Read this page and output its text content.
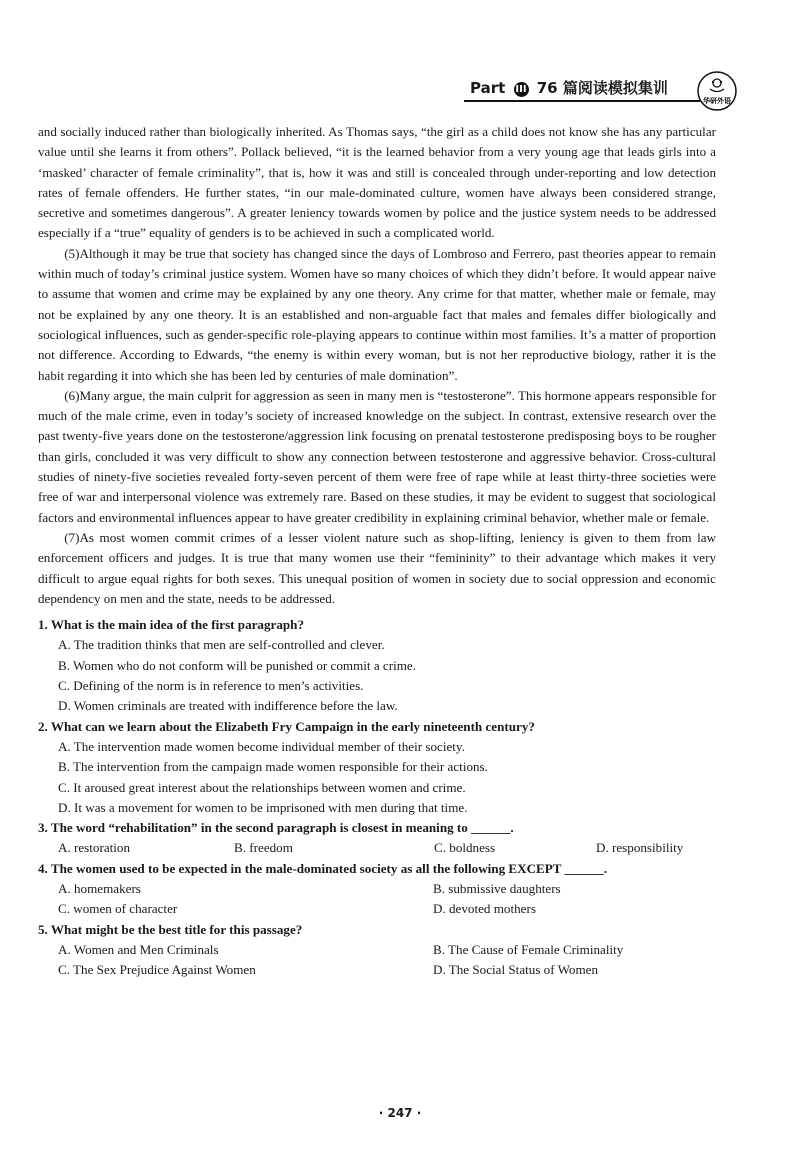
Part III 76 篇阅读模拟集训
华研外语

and socially induced rather than biologically inherited. As Thomas says, “the girl as a child does not know she has any particular value until she learns it from others”. Pollack believed, “it is the learned behavior from a very young age that leads girls into a ‘masked’ character of female criminality”, that is, how it was and still is concealed through under-reporting and low detection rates of female offenders. He further states, “in our male-dominated culture, women have always been considered strange, secretive and sometimes dangerous”. A greater leniency towards women by police and the justice system needs to be addressed especially if a “true” equality of genders is to be achieved in such a complicated world.

(5)Although it may be true that society has changed since the days of Lombroso and Ferrero, past theories appear to remain within much of today’s criminal justice system. Women have so many choices of which they didn’t before. It would appear naive to assume that women and crime may be explained by any one theory. Any crime for that matter, whether male or female, may not be explained by any one theory. It is an established and non-arguable fact that males and females differ biologically and sociological influences, such as gender-specific role-playing appears to continue within most families. It’s a matter of proportion not difference. According to Edwards, “the enemy is within every woman, but is not her reproductive biology, rather it is the habit regarding it into which she has been led by centuries of male domination”.

(6)Many argue, the main culprit for aggression as seen in many men is “testosterone”. This hormone appears responsible for much of the male crime, even in today’s society of increased knowledge on the subject. In contrast, extensive research over the past twenty-five years done on the testosterone/aggression link focusing on prenatal testosterone predisposing boys to be rougher than girls, concluded it was very difficult to show any connection between testosterone and aggressive behavior. Cross-cultural studies of ninety-five societies revealed forty-seven percent of them were free of rape while at least thirty-three societies were free of war and interpersonal violence was extremely rare. Based on these studies, it may be evident to suggest that sociological factors and environmental influences appear to have greater credibility in explaining criminal behavior, whether male or female.

(7)As most women commit crimes of a lesser violent nature such as shop-lifting, leniency is given to them from law enforcement officers and judges. It is true that many women use their “femininity” to their advantage which makes it very difficult to argue equal rights for both sexes. This unequal position of women in society due to social oppression and economic dependency on men and the state, needs to be addressed.

1. What is the main idea of the first paragraph?
A. The tradition thinks that men are self-controlled and clever.
B. Women who do not conform will be punished or commit a crime.
C. Defining of the norm is in reference to men’s activities.
D. Women criminals are treated with indifference before the law.
2. What can we learn about the Elizabeth Fry Campaign in the early nineteenth century?
A. The intervention made women become individual member of their society.
B. The intervention from the campaign made women responsible for their actions.
C. It aroused great interest about the relationships between women and crime.
D. It was a movement for women to be imprisoned with men during that time.
3. The word “rehabilitation” in the second paragraph is closest in meaning to ______.
A. restoration	B. freedom	C. boldness	D. responsibility
4. The women used to be expected in the male-dominated society as all the following EXCEPT ______.
A. homemakers	B. submissive daughters
C. women of character	D. devoted mothers
5. What might be the best title for this passage?
A. Women and Men Criminals	B. The Cause of Female Criminality
C. The Sex Prejudice Against Women	D. The Social Status of Women
· 247 ·
